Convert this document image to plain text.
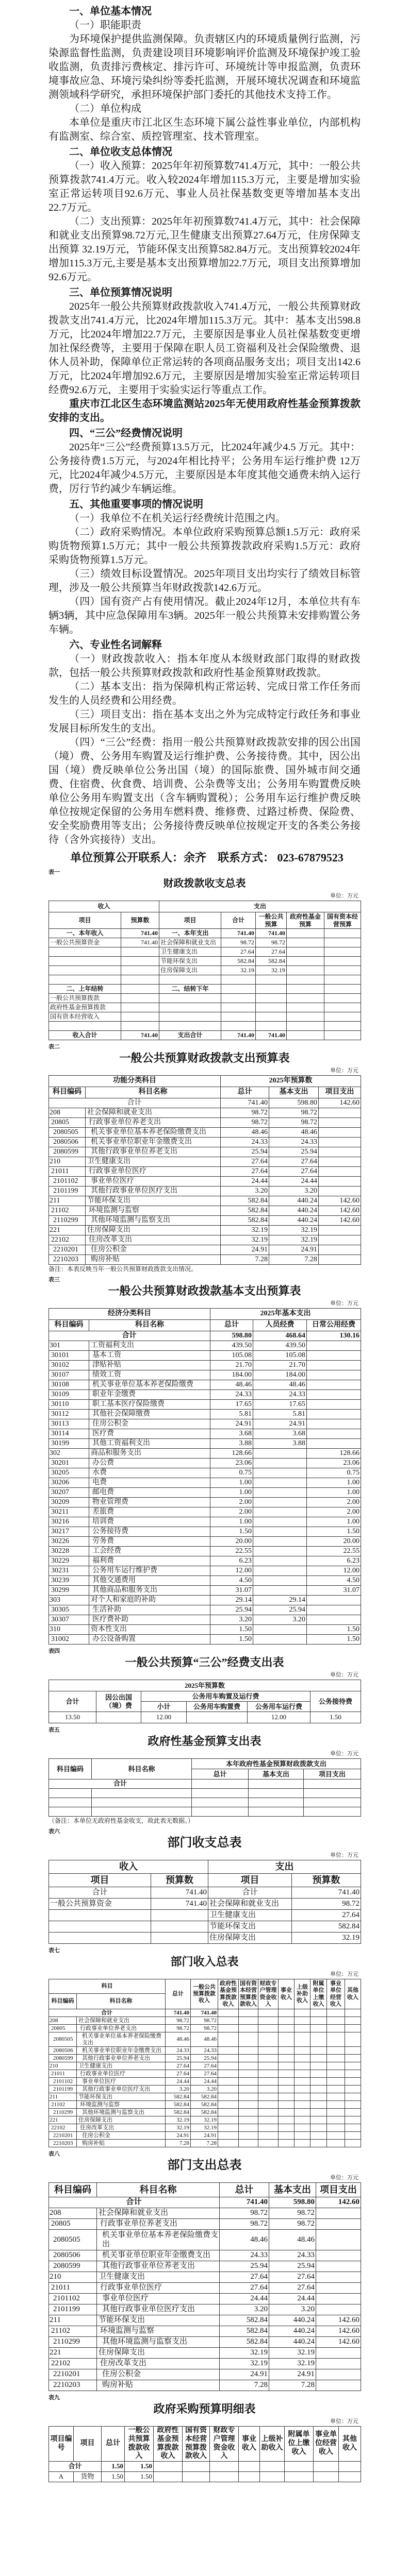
一、单位基本情况

（一）职能职责

为环境保护提供监测保障。负责辖区内的环境质量例行监测，污染源监督性监测，负责建设项目环境影响评价监测及环境保护竣工验收监测，负责排污费核定、排污许可、环境统计等申报监测，负责环境事故应急、环境污染纠纷等委托监测，开展环境状况调查和环境监测领域科学研究，承担环境保护部门委托的其他技术支持工作。

（二）单位构成

本单位是重庆市江北区生态环境下属公益性事业单位，内部机构有监测室、综合室、质控管理室、技术管理室。

二、单位收支总体情况

（一）收入预算：2025年年初预算数741.4万元，其中：一般公共预算拨款741.4万元。收入较2024年增加115.3万元，主要是增加实验室正常运转项目92.6万元、事业人员社保基数变更等增加基本支出22.7万元。

（二）支出预算：2025年年初预算数741.4万元，其中：社会保障和就业支出预算98.72万元,卫生健康支出预算27.64万元，住房保障支出预算 32.19万元，节能环保支出预算582.84万元。支出预算较2024年增加115.3万元,主要是基本支出预算增加22.7万元，项目支出预算增加92.6万元。

三、单位预算情况说明

2025年一般公共预算财政拨款收入741.4万元，一般公共预算财政拨款支出741.4万元，比2024年增加115.3万元。其中：基本支出598.8万元，比2024年增加22.7万元，主要原因是事业人员社保基数变更增加社保经费等，主要用于保障在职人员工资福利及社会保险缴费、退休人员补助，保障单位正常运转的各项商品服务支出；项目支出142.6万元，比2024年增加92.6万元，主要原因是增加实验室正常运转项目经费92.6万元，主要用于实验实运行等重点工作。

重庆市江北区生态环境监测站2025年无使用政府性基金预算拨款安排的支出。

四、“三公”经费情况说明

2025年“三公”经费预算13.5万元，比2024年减少4.5 万元。其中：公务接待费1.5万元，与2024年相比持平；公务用车运行维护费 12万元，比2024年减少4.5万元，主要原因是本年度其他交通费未纳入运行费，厉行节约减少车辆运维。

五、其他重要事项的情况说明

（一）我单位不在机关运行经费统计范围之内。

（二）政府采购情况。本单位政府采购预算总额1.5万元：政府采购货物预算1.5万元；其中一般公共预算拨款政府采购1.5万元：政府采购货物预算1.5万元。

（三）绩效目标设置情况。2025年项目支出均实行了绩效目标管理，涉及一般公共预算当年财政拨款142.6万元。

（四）国有资产占有使用情况。截止2024年12月，本单位共有车辆3辆，其中应急保障用车3辆。2025年一般公共预算未安排购置公务车辆。

六、专业性名词解释

（一）财政拨款收入：指本年度从本级财政部门取得的财政拨款，包括一般公共预算财政拨款和政府性基金预算财政拨款。

（二）基本支出：指为保障机构正常运转、完成日常工作任务而发生的人员经费和公用经费。

（三）项目支出：指在基本支出之外为完成特定行政任务和事业发展目标所发生的支出。

（四）“三公”经费：指用一般公共预算财政拨款安排的因公出国（境）费、公务用车购置及运行维护费、公务接待费。其中，因公出国（境）费反映单位公务出国（境）的国际旅费、国外城市间交通费、住宿费、伙食费、培训费、公杂费等支出；公务用车购置费反映单位公务用车购置支出（含车辆购置税）；公务用车运行维护费反映单位按规定保留的公务用车燃料费、维修费、过路过桥费、保险费、安全奖励费用等支出；公务接待费反映单位按规定开支的各类公务接待（含外宾接待）支出。

单位预算公开联系人：余齐　联系方式： 023-67879523

表一
财政拨款收支总表
单位：万元
收入		支出				
项目	预算数	项目	合计	一般公共预算	政府性基金预算	国有资本经营预算
一、本年收入	741.40	一、本年支出	741.40	741.40		
一般公共预算资金	741.40	社会保障和就业支出	98.72	98.72		
		卫生健康支出	27.64	27.64		
		节能环保支出	582.84	582.84		
		住房保障支出	32.19	32.19		

二、上年结转		二、结转下年				
一般公共预算拨款						
政府性基金预算拨款						
国有资本经营收入						

收入合计	741.40	支出合计	741.40	741.40		
表二
一般公共预算财政拨款支出预算表
单位：万元
功能分类科目		2025年预算数		
科目编码	科目名称	总计	基本支出	项目支出
合计		741.40	598.80	142.60
208	社会保障和就业支出	98.72	98.72	
20805	行政事业单位养老支出	98.72	98.72	
2080505	机关事业单位基本养老保险缴费支出	48.46	48.46	
2080506	机关事业单位职业年金缴费支出	24.33	24.33	
2080599	其他行政事业单位养老支出	25.94	25.94	
210	卫生健康支出	27.64	27.64	
21011	行政事业单位医疗	27.64	27.64	
2101102	事业单位医疗	24.44	24.44	
2101199	其他行政事业单位医疗支出	3.20	3.20	
211	节能环保支出	582.84	440.24	142.60
21102	环境监测与监察	582.84	440.24	142.60
2110299	其他环境监测与监察支出	582.84	440.24	142.60
221	住房保障支出	32.19	32.19	
22102	住房改革支出	32.19	32.19	
2210201	住房公积金	24.91	24.91	
2210203	购房补贴	7.28	7.28	
备注：本表反映当年一般公共预算财政拨款支出情况。
表三
一般公共预算财政拨款基本支出预算表
单位：万元
经济分类科目		2025年基本支出		
科目编码	科目名称	总计	人员经费	日常公用经费
合计		598.80	468.64	130.16
301	工资福利支出	439.50	439.50	
30101	基本工资	105.08	105.08	
30102	津贴补贴	21.70	21.70	
30107	绩效工资	184.00	184.00	
30108	机关事业单位基本养老保险缴费	48.46	48.46	
30109	职业年金缴费	24.33	24.33	
30110	职工基本医疗保险缴费	17.65	17.65	
30112	其他社会保障缴费	5.81	5.81	
30113	住房公积金	24.91	24.91	
30114	医疗费	3.68	3.68	
30199	其他工资福利支出	3.88	3.88	
302	商品和服务支出	128.66		128.66
30201	办公费	23.06		23.06
30205	水费	0.75		0.75
30206	电费	1.00		1.00
30207	邮电费	1.00		1.00
30209	物业管理费	2.00		2.00
30211	差旅费	2.00		2.00
30216	培训费	1.00		1.00
30217	公务接待费	1.50		1.50
30226	劳务费	20.00		20.00
30228	工会经费	22.55		22.55
30229	福利费	6.23		6.23
30231	公务用车运行维护费	12.00		12.00
30239	其他交通费用	4.50		4.50
30299	其他商品和服务支出	31.07		31.07
303	对个人和家庭的补助	29.14	29.14	
30305	生活补助	25.94	25.94	
30307	医疗费补助	3.20	3.20	
310	资本性支出	1.50		1.50
31002	办公设备购置	1.50		1.50
表四
一般公共预算“三公”经费支出表
单位：万元
2025年预算数					
合计	因公出国（境）费	公务用车购置及运行费			公务接待费
		小计	公务用车购置费	公务用车运行费	
13.50		12.00		12.00	1.50
表五
政府性基金预算支出表
单位：万元
科目编码	科目名称	本年政府性基金预算财政拨款支出		
		总计	基本支出	项目支出
合计				

（备注：本单位无政府性基金收支，故此表无数据。）
表六
部门收支总表
单位：万元
收入		支出	
项目	预算数	项目	预算数
合计	741.40	合计	741.40
一般公共预算资金	741.40	社会保障和就业支出	98.72
		卫生健康支出	27.64
		节能环保支出	582.84
		住房保障支出	32.19
表七
部门收入总表
单位：万元
科目		总计	一般公共预算拨款收入	政府性基金预算拨款收入	国有资本经营预算拨款收入	财政专户管理资金收入	事业收入	上级补助收入	附属单位上缴收入	事业单位经营收入	其他收入
科目编码	科目名称										
合计		741.40	741.40								
208	社会保障和就业支出	98.72	98.72								
20805	行政事业单位养老支出	98.72	98.72								
2080505	机关事业单位基本养老保险缴费支出	48.46	48.46								
2080506	机关事业单位职业年金缴费支出	24.33	24.33								
2080599	其他行政事业单位养老支出	25.94	25.94								
210	卫生健康支出	27.64	27.64								
21011	行政事业单位医疗	27.64	27.64								
2101102	事业单位医疗	24.44	24.44								
2101199	其他行政事业单位医疗支出	3.20	3.20								
211	节能环保支出	582.84	582.84								
21102	环境监测与监察	582.84	582.84								
2110299	其他环境监测与监察支出	582.84	582.84								
221	住房保障支出	32.19	32.19								
22102	住房改革支出	32.19	32.19								
2210201	住房公积金	24.91	24.91								
2210203	购房补贴	7.28	7.28								
表八
部门支出总表
单位：万元
科目编码	科目名称	总计	基本支出	项目支出
合计		741.40	598.80	142.60
208	社会保障和就业支出	98.72	98.72	
20805	行政事业单位养老支出	98.72	98.72	
2080505	机关事业单位基本养老保险缴费支出	48.46	48.46	
2080506	机关事业单位职业年金缴费支出	24.33	24.33	
2080599	其他行政事业单位养老支出	25.94	25.94	
210	卫生健康支出	27.64	27.64	
21011	行政事业单位医疗	27.64	27.64	
2101102	事业单位医疗	24.44	24.44	
2101199	其他行政事业单位医疗支出	3.20	3.20	
211	节能环保支出	582.84	440.24	142.60
21102	环境监测与监察	582.84	440.24	142.60
2110299	其他环境监测与监察支出	582.84	440.24	142.60
221	住房保障支出	32.19	32.19	
22102	住房改革支出	32.19	32.19	
2210201	住房公积金	24.91	24.91	
2210203	购房补贴	7.28	7.28	
表九
政府采购预算明细表
单位：万元
项目编号	项目	总计	一般公共预算拨款收入	政府性基金预算拨款收入	国有资本经营预算拨款收入	财政专户管理资金收入	事业收入	上级补助收入	附属单位上缴收入	事业单位经营收入	其他收入
合计		1.50	1.50								
A	货物	1.50	1.50								
